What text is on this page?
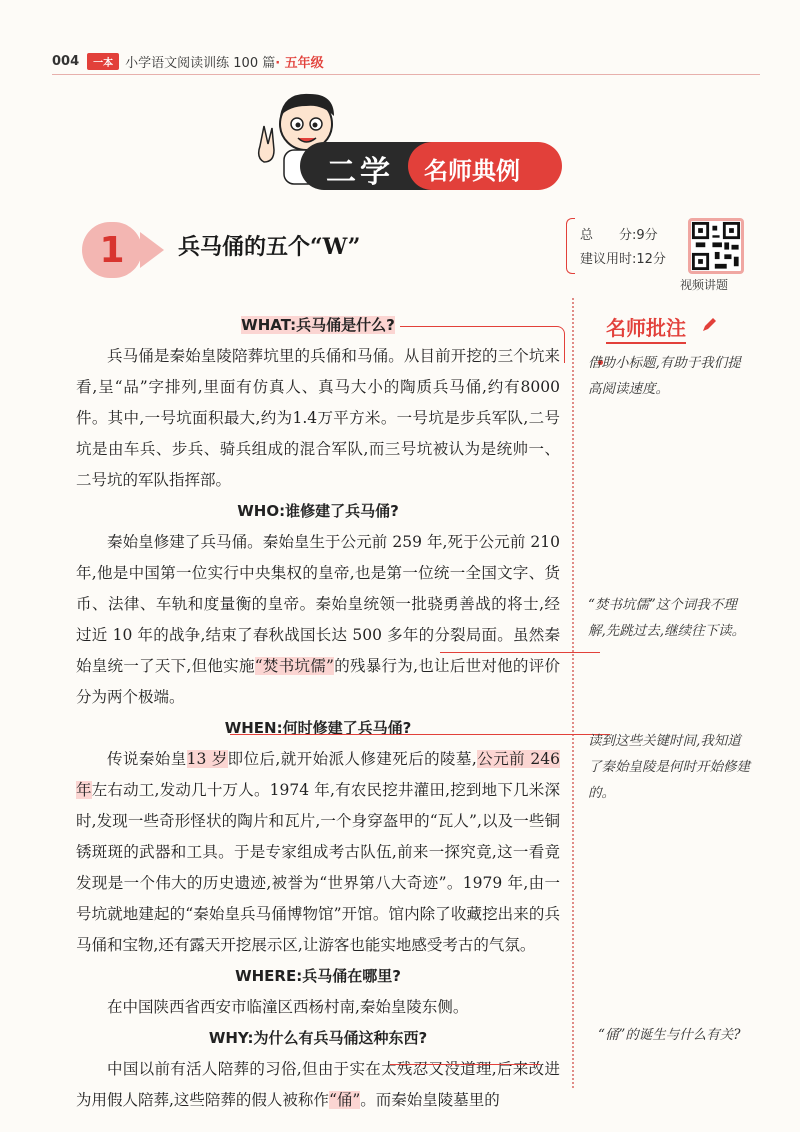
004	一本 小学语文阅读训练 100 篇 · 五年级
二学 名师典例
1	兵马俑的五个“W”	总　　分:9分
建议用时:12分
视频讲题
WHAT:兵马俑是什么?

兵马俑是秦始皇陵陪葬坑里的兵俑和马俑。从目前开挖的三个坑来看,呈“品”字排列,里面有仿真人、真马大小的陶质兵马俑,约有8000件。其中,一号坑面积最大,约为1.4万平方米。一号坑是步兵军队,二号坑是由车兵、步兵、骑兵组成的混合军队,而三号坑被认为是统帅一、二号坑的军队指挥部。

WHO:谁修建了兵马俑?

秦始皇修建了兵马俑。秦始皇生于公元前 259 年,死于公元前 210 年,他是中国第一位实行中央集权的皇帝,也是第一位统一全国文字、货币、法律、车轨和度量衡的皇帝。秦始皇统领一批骁勇善战的将士,经过近 10 年的战争,结束了春秋战国长达 500 多年的分裂局面。虽然秦始皇统一了天下,但他实施“焚书坑儒”的残暴行为,也让后世对他的评价分为两个极端。

WHEN:何时修建了兵马俑?

传说秦始皇13 岁即位后,就开始派人修建死后的陵墓,公元前 246 年左右动工,发动几十万人。1974 年,有农民挖井灌田,挖到地下几米深时,发现一些奇形怪状的陶片和瓦片,一个身穿盔甲的“瓦人”,以及一些铜锈斑斑的武器和工具。于是专家组成考古队伍,前来一探究竟,这一看竟发现是一个伟大的历史遗迹,被誉为“世界第八大奇迹”。1979 年,由一号坑就地建起的“秦始皇兵马俑博物馆”开馆。馆内除了收藏挖出来的兵马俑和宝物,还有露天开挖展示区,让游客也能实地感受考古的气氛。

WHERE:兵马俑在哪里?

在中国陕西省西安市临潼区西杨村南,秦始皇陵东侧。

WHY:为什么有兵马俑这种东西?

中国以前有活人陪葬的习俗,但由于实在太残忍又没道理,后来改进为用假人陪葬,这些陪葬的假人被称作“俑”。而秦始皇陵墓里的

名师批注
借助小标题,有助于我们提高阅读速度。
“焚书坑儒”这个词我不理解,先跳过去,继续往下读。
读到这些关键时间,我知道了秦始皇陵是何时开始修建的。
“俑”的诞生与什么有关?
